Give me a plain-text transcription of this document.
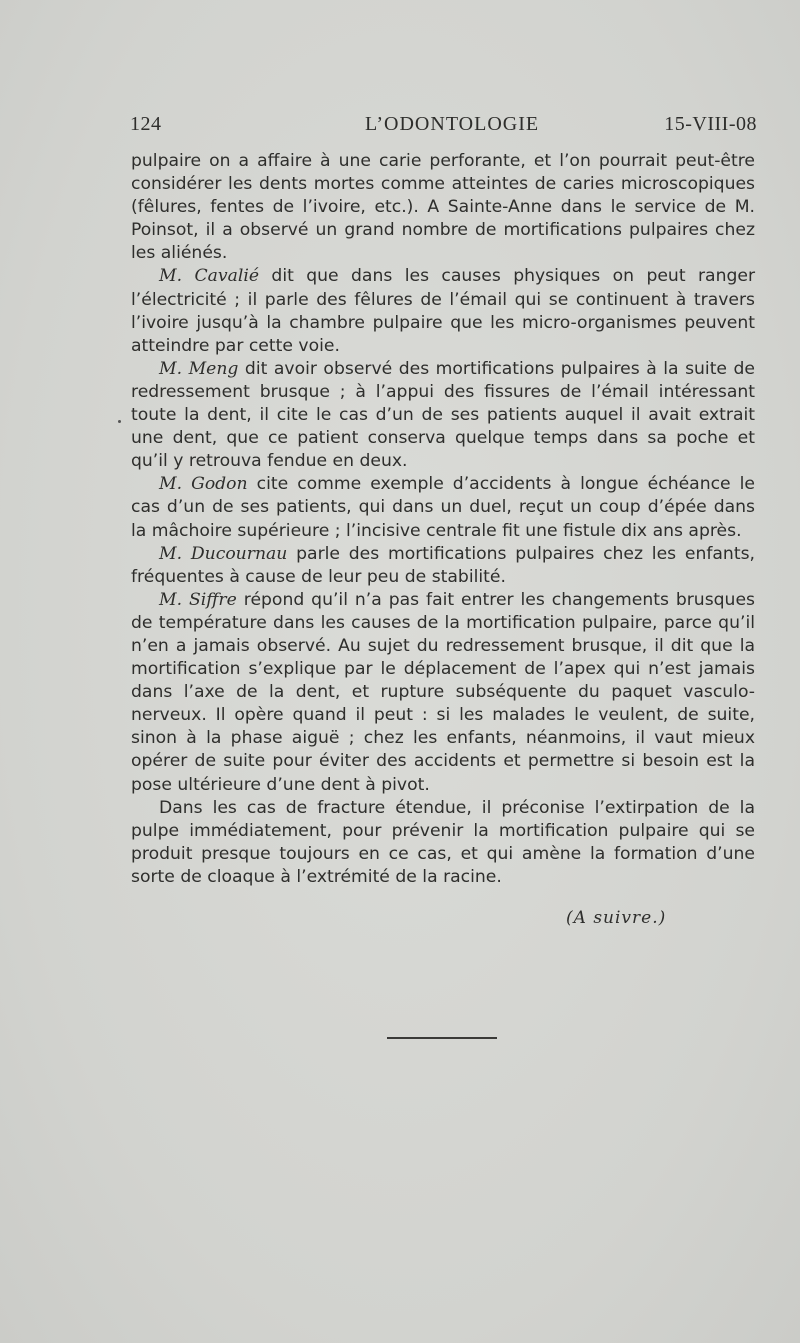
124	L’ODONTOLOGIE	15-VIII-08

pulpaire on a affaire à une carie perforante, et l’on pourrait peut-être considérer les dents mortes comme atteintes de caries microscopiques (fêlures, fentes de l’ivoire, etc.). A Sainte-Anne dans le service de M. Poinsot, il a observé un grand nombre de mortifications pulpaires chez les aliénés.

M. Cavalié dit que dans les causes physiques on peut ranger l’électricité ; il parle des fêlures de l’émail qui se continuent à travers l’ivoire jusqu’à la chambre pulpaire que les micro-organismes peuvent atteindre par cette voie.

M. Meng dit avoir observé des mortifications pulpaires à la suite de redressement brusque ; à l’appui des fissures de l’émail intéressant toute la dent, il cite le cas d’un de ses patients auquel il avait extrait une dent, que ce patient conserva quelque temps dans sa poche et qu’il y retrouva fendue en deux.

M. Godon cite comme exemple d’accidents à longue échéance le cas d’un de ses patients, qui dans un duel, reçut un coup d’épée dans la mâchoire supérieure ; l’incisive centrale fit une fistule dix ans après.

M. Ducournau parle des mortifications pulpaires chez les enfants, fréquentes à cause de leur peu de stabilité.

M. Siffre répond qu’il n’a pas fait entrer les changements brusques de température dans les causes de la mortification pulpaire, parce qu’il n’en a jamais observé. Au sujet du redressement brusque, il dit que la mortification s’explique par le déplacement de l’apex qui n’est jamais dans l’axe de la dent, et rupture subséquente du paquet vasculo-nerveux. Il opère quand il peut : si les malades le veulent, de suite, sinon à la phase aiguë ; chez les enfants, néanmoins, il vaut mieux opérer de suite pour éviter des accidents et permettre si besoin est la pose ultérieure d’une dent à pivot.

Dans les cas de fracture étendue, il préconise l’extirpation de la pulpe immédiatement, pour prévenir la mortification pulpaire qui se produit presque toujours en ce cas, et qui amène la formation d’une sorte de cloaque à l’extrémité de la racine.

(A suivre.)
